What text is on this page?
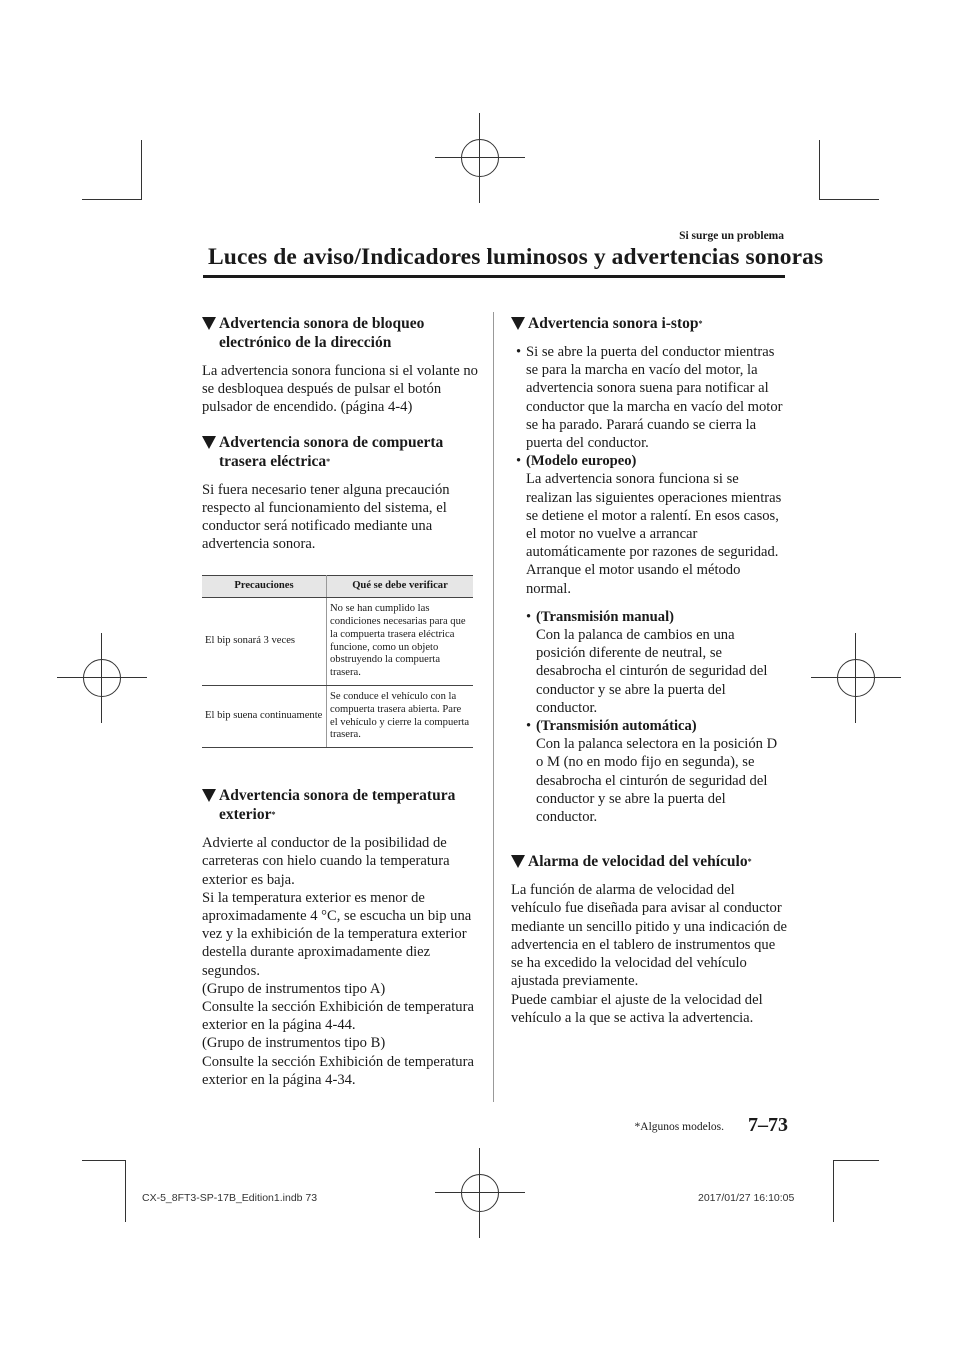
Si surge un problema
Luces de aviso/Indicadores luminosos y advertencias sonoras
Advertencia sonora de bloqueo electrónico de la dirección

La advertencia sonora funciona si el volante no se desbloquea después de pulsar el botón pulsador de encendido. (página 4-4)

Advertencia sonora de compuerta trasera eléctrica*

Si fuera necesario tener alguna precaución respecto al funcionamiento del sistema, el conductor será notificado mediante una advertencia sonora.

Precauciones	Qué se debe verificar
El bip sonará 3 veces	No se han cumplido las condiciones necesarias para que la compuerta trasera eléctrica funcione, como un objeto obstruyendo la compuerta trasera.
El bip suena continuamente	Se conduce el vehículo con la compuerta trasera abierta. Pare el vehículo y cierre la compuerta trasera.
Advertencia sonora de temperatura exterior*
Advierte al conductor de la posibilidad de carreteras con hielo cuando la temperatura exterior es baja.
Si la temperatura exterior es menor de aproximadamente 4 °C, se escucha un bip una vez y la exhibición de la temperatura exterior destella durante aproximadamente diez segundos.
(Grupo de instrumentos tipo A)
Consulte la sección Exhibición de temperatura exterior en la página 4-44.
(Grupo de instrumentos tipo B)
Consulte la sección Exhibición de temperatura exterior en la página 4-34.
Advertencia sonora i-stop*
• Si se abre la puerta del conductor mientras se para la marcha en vacío del motor, la advertencia sonora suena para notificar al conductor que la marcha en vacío del motor se ha parado. Parará cuando se cierra la puerta del conductor.
• (Modelo europeo)
La advertencia sonora funciona si se realizan las siguientes operaciones mientras se detiene el motor a ralentí. En esos casos, el motor no vuelve a arrancar automáticamente por razones de seguridad. Arranque el motor usando el método normal.
• (Transmisión manual)
Con la palanca de cambios en una posición diferente de neutral, se desabrocha el cinturón de seguridad del conductor y se abre la puerta del conductor.
• (Transmisión automática)
Con la palanca selectora en la posición D o M (no en modo fijo en segunda), se desabrocha el cinturón de seguridad del conductor y se abre la puerta del conductor.
Alarma de velocidad del vehículo*
La función de alarma de velocidad del vehículo fue diseñada para avisar al conductor mediante un sencillo pitido y una indicación de advertencia en el tablero de instrumentos que se ha excedido la velocidad del vehículo ajustada previamente.
Puede cambiar el ajuste de la velocidad del vehículo a la que se activa la advertencia.
*Algunos modelos. 7–73
CX-5_8FT3-SP-17B_Edition1.indb 73	2017/01/27 16:10:05
